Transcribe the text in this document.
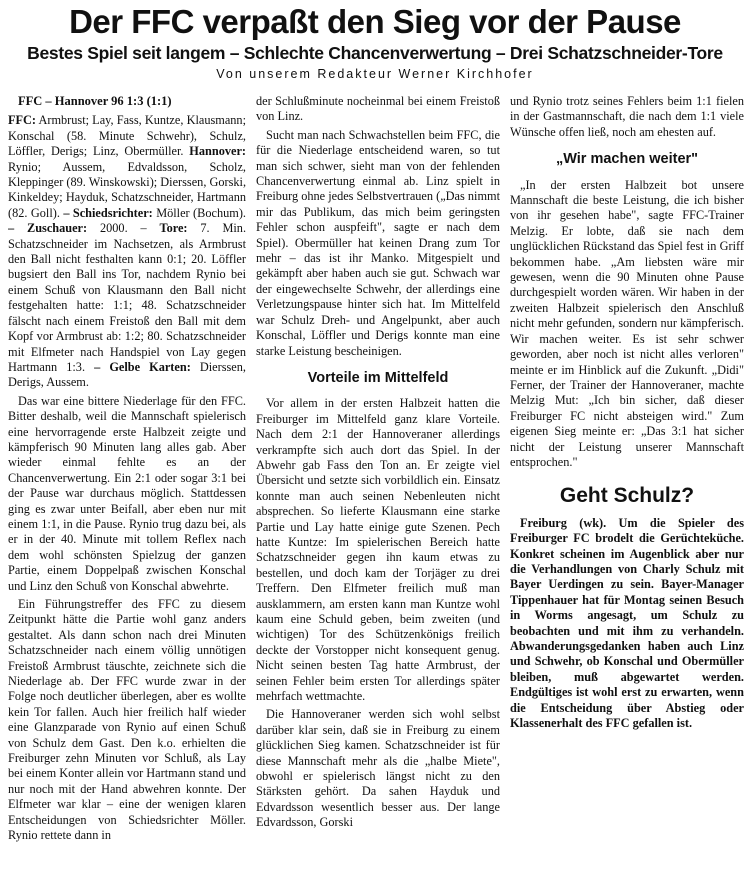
Der FFC verpaßt den Sieg vor der Pause
Bestes Spiel seit langem – Schlechte Chancenverwertung – Drei Schatzschneider-Tore
Von unserem Redakteur Werner Kirchhofer
FFC – Hannover 96 1:3 (1:1)

FFC: Armbrust; Lay, Fass, Kuntze, Klausmann; Konschal (58. Minute Schwehr), Schulz, Löffler, Derigs; Linz, Obermüller. Hannover: Rynio; Aussem, Edvaldsson, Scholz, Kleppinger (89. Winskowski); Dierssen, Gorski, Kinkeldey; Hayduk, Schatzschneider, Hartmann (82. Goll). – Schiedsrichter: Möller (Bochum). – Zuschauer: 2000. – Tore: 7. Min. Schatzschneider im Nachsetzen, als Armbrust den Ball nicht festhalten kann 0:1; 20. Löffler bugsiert den Ball ins Tor, nachdem Rynio bei einem Schuß von Klausmann den Ball nicht festgehalten hatte: 1:1; 48. Schatzschneider fälscht nach einem Freistoß den Ball mit dem Kopf vor Armbrust ab: 1:2; 80. Schatzschneider mit Elfmeter nach Handspiel von Lay gegen Hartmann 1:3. – Gelbe Karten: Dierssen, Derigs, Aussem.

Das war eine bittere Niederlage für den FFC. Bitter deshalb, weil die Mannschaft spielerisch eine hervorragende erste Halbzeit zeigte und kämpferisch 90 Minuten lang alles gab. Aber wieder einmal fehlte es an der Chancenverwertung. Ein 2:1 oder sogar 3:1 bei der Pause war durchaus möglich. Stattdessen ging es zwar unter Beifall, aber eben nur mit einem 1:1, in die Pause. Rynio trug dazu bei, als er in der 40. Minute mit tollem Reflex nach dem wohl schönsten Spielzug der ganzen Partie, einem Doppelpaß zwischen Konschal und Linz den Schuß von Konschal abwehrte.

Ein Führungstreffer des FFC zu diesem Zeitpunkt hätte die Partie wohl ganz anders gestaltet. Als dann schon nach drei Minuten Schatzschneider nach einem völlig unnötigen Freistoß Armbrust täuschte, zeichnete sich die Niederlage ab. Der FFC wurde zwar in der Folge noch deutlicher überlegen, aber es wollte kein Tor fallen. Auch hier freilich half wieder eine Glanzparade von Rynio auf einen Schuß von Schulz dem Gast. Den k.o. erhielten die Freiburger zehn Minuten vor Schluß, als Lay bei einem Konter allein vor Hartmann stand und nur noch mit der Hand abwehren konnte. Der Elfmeter war klar – eine der wenigen klaren Entscheidungen von Schiedsrichter Möller. Rynio rettete dann in

der Schlußminute nocheinmal bei einem Freistoß von Linz.

Sucht man nach Schwachstellen beim FFC, die für die Niederlage entscheidend waren, so tut man sich schwer, sieht man von der fehlenden Chancenverwertung einmal ab. Linz spielt in Freiburg ohne jedes Selbstvertrauen („Das nimmt mir das Publikum, das mich beim geringsten Fehler schon auspfeift", sagte er nach dem Spiel). Obermüller hat keinen Drang zum Tor mehr – das ist ihr Manko. Mitgespielt und gekämpft aber haben auch sie gut. Schwach war der eingewechselte Schwehr, der allerdings eine Verletzungspause hinter sich hat. Im Mittelfeld war Schulz Dreh- und Angelpunkt, aber auch Konschal, Löffler und Derigs konnte man eine starke Leistung bescheinigen.

Vorteile im Mittelfeld

Vor allem in der ersten Halbzeit hatten die Freiburger im Mittelfeld ganz klare Vorteile. Nach dem 2:1 der Hannoveraner allerdings verkrampfte sich auch dort das Spiel. In der Abwehr gab Fass den Ton an. Er zeigte viel Übersicht und setzte sich vorbildlich ein. Einsatz konnte man auch seinen Nebenleuten nicht absprechen. So lieferte Klausmann eine starke Partie und Lay hatte einige gute Szenen. Pech hatte Kuntze: Im spielerischen Bereich hatte Schatzschneider gegen ihn kaum etwas zu bestellen, und doch kam der Torjäger zu drei Treffern. Den Elfmeter freilich muß man ausklammern, am ersten kann man Kuntze wohl kaum eine Schuld geben, beim zweiten (und wichtigen) Tor des Schützenkönigs freilich deckte der Vorstopper nicht konsequent genug. Nicht seinen besten Tag hatte Armbrust, der seinen Fehler beim ersten Tor allerdings später mehrfach wettmachte.

Die Hannoveraner werden sich wohl selbst darüber klar sein, daß sie in Freiburg zu einem glücklichen Sieg kamen. Schatzschneider ist für diese Mannschaft mehr als die „halbe Miete", obwohl er spielerisch längst nicht zu den Stärksten gehört. Da sahen Hayduk und Edvardsson wesentlich besser aus. Der lange Edvardsson, Gorski

und Rynio trotz seines Fehlers beim 1:1 fielen in der Gastmannschaft, die nach dem 1:1 viele Wünsche offen ließ, noch am ehesten auf.

„Wir machen weiter"

„In der ersten Halbzeit bot unsere Mannschaft die beste Leistung, die ich bisher von ihr gesehen habe", sagte FFC-Trainer Melzig. Er lobte, daß sie nach dem unglücklichen Rückstand das Spiel fest in Griff bekommen habe. „Am liebsten wäre mir gewesen, wenn die 90 Minuten ohne Pause durchgespielt worden wären. Wir haben in der zweiten Halbzeit spielerisch den Anschluß nicht mehr gefunden, sondern nur kämpferisch. Wir machen weiter. Es ist sehr schwer geworden, aber noch ist nicht alles verloren" meinte er im Hinblick auf die Zukunft. „Didi" Ferner, der Trainer der Hannoveraner, machte Melzig Mut: „Ich bin sicher, daß dieser Freiburger FC nicht absteigen wird." Zum eigenen Sieg meinte er: „Das 3:1 hat sicher nicht der Leistung unserer Mannschaft entsprochen."

Geht Schulz?

Freiburg (wk). Um die Spieler des Freiburger FC brodelt die Gerüchteküche. Konkret scheinen im Augenblick aber nur die Verhandlungen von Charly Schulz mit Bayer Uerdingen zu sein. Bayer-Manager Tippenhauer hat für Montag seinen Besuch in Worms angesagt, um Schulz zu beobachten und mit ihm zu verhandeln. Abwanderungsgedanken haben auch Linz und Schwehr, ob Konschal und Obermüller bleiben, muß abgewartet werden. Endgültiges ist wohl erst zu erwarten, wenn die Entscheidung über Abstieg oder Klassenerhalt des FFC gefallen ist.
